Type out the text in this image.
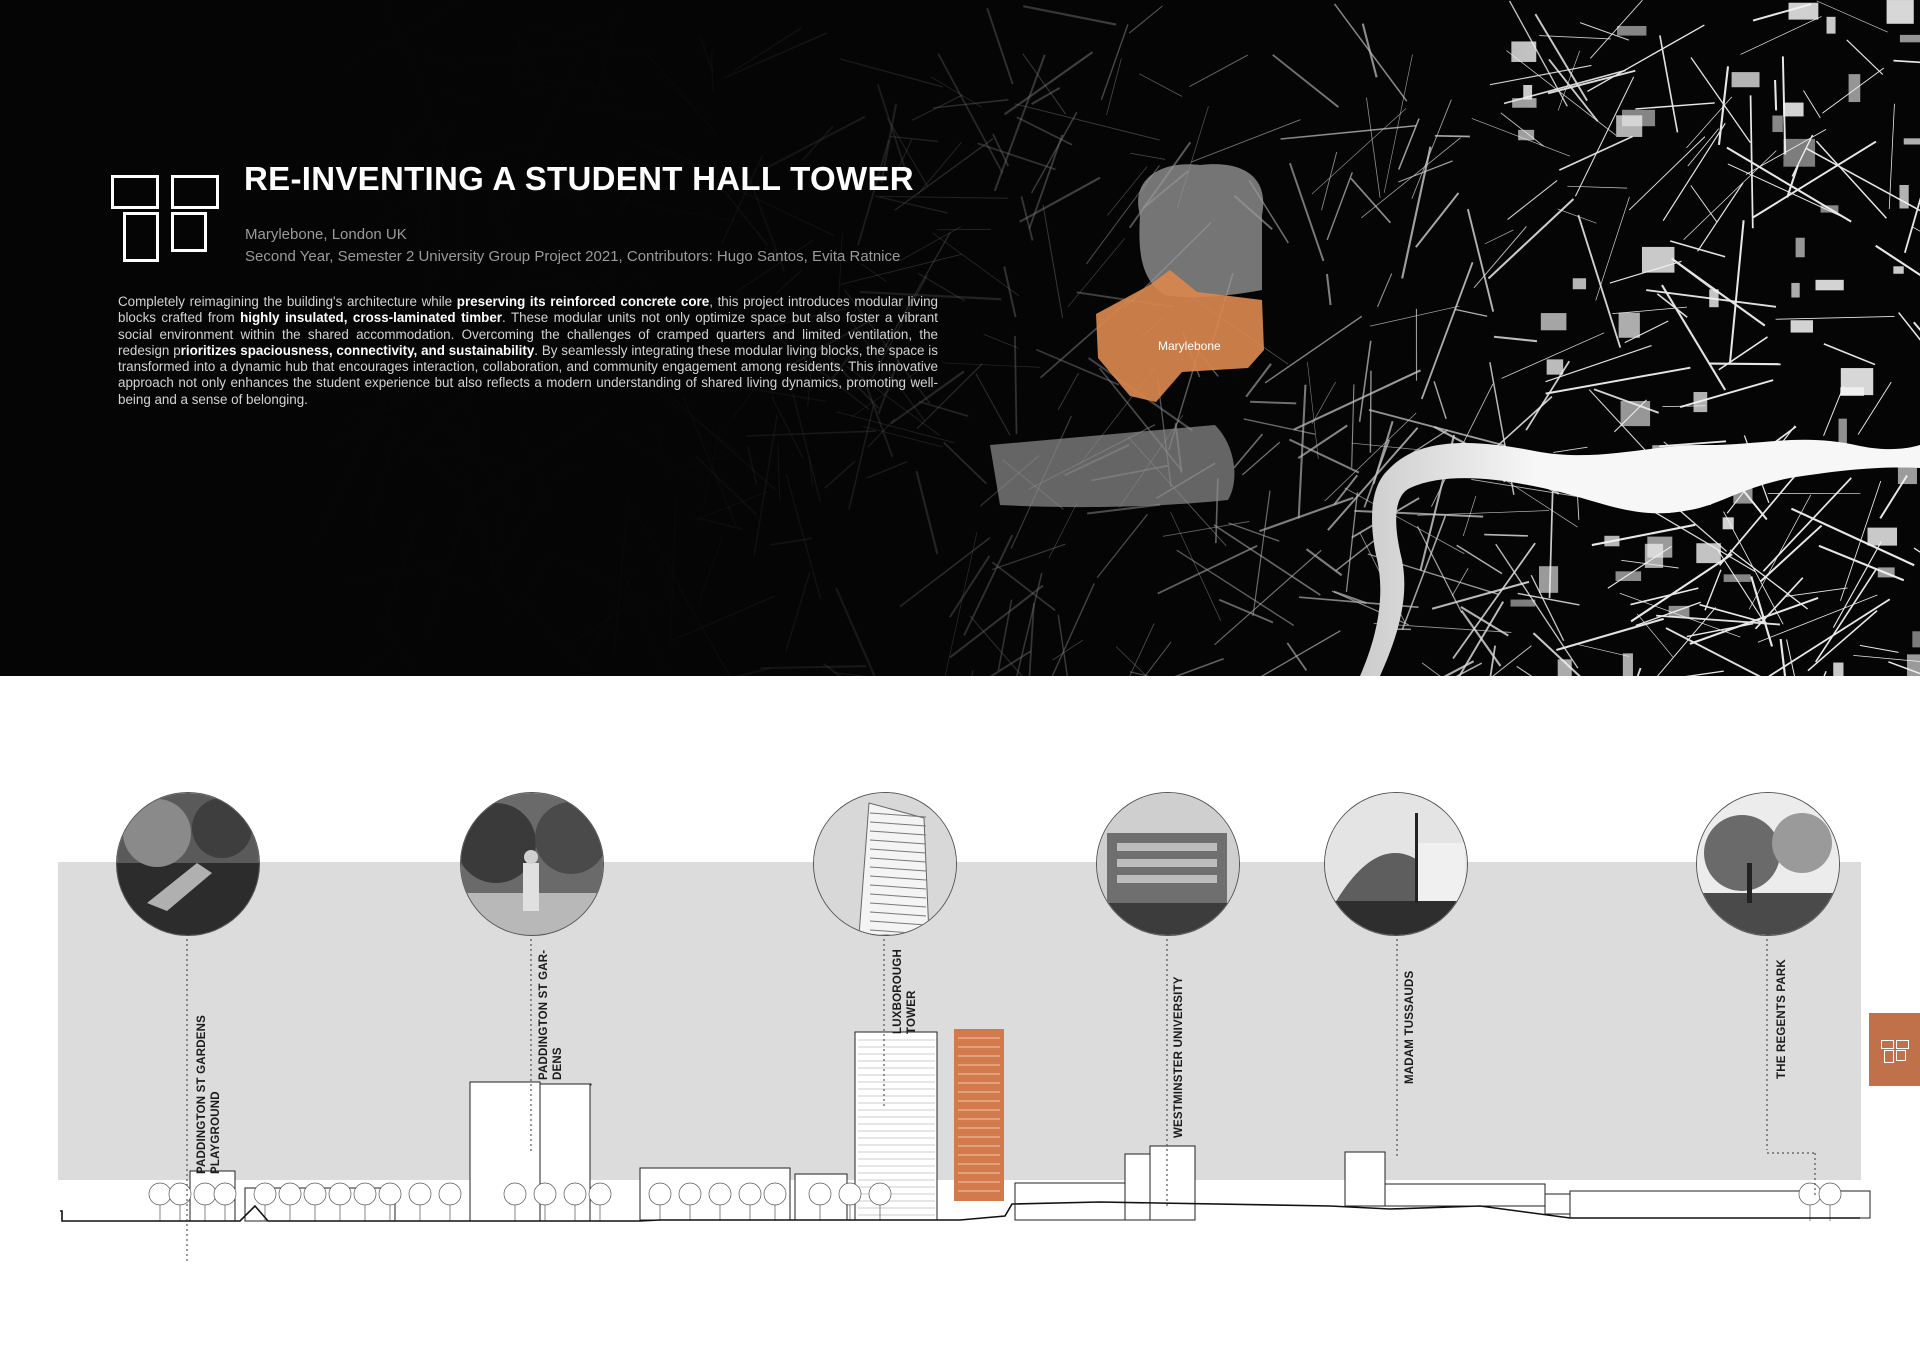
RE-INVENTING A STUDENT HALL TOWER
Marylebone, London UK
Second Year, Semester 2 University Group Project 2021, Contributors: Hugo Santos, Evita Ratnice

Completely reimagining the building's architecture while preserving its reinforced concrete core, this project introduces modular living blocks crafted from highly insulated, cross-laminated timber. These modular units not only optimize space but also foster a vibrant social environment within the shared accommodation. Overcoming the challenges of cramped quarters and limited ventilation, the redesign prioritizes spaciousness, connectivity, and sustainability. By seamlessly integrating these modular living blocks, the space is transformed into a dynamic hub that encourages interaction, collaboration, and community engagement among residents. This innovative approach not only enhances the student experience but also reflects a modern understanding of shared living dynamics, promoting well-being and a sense of belonging.

Marylebone
PADDINGTON ST GARDENS PLAYGROUND
PADDINGTON ST GAR- DENS
LUXBOROUGH TOWER	WESTMINSTER UNIVERSITY	MADAM TUSSAUDS	THE REGENTS PARK
